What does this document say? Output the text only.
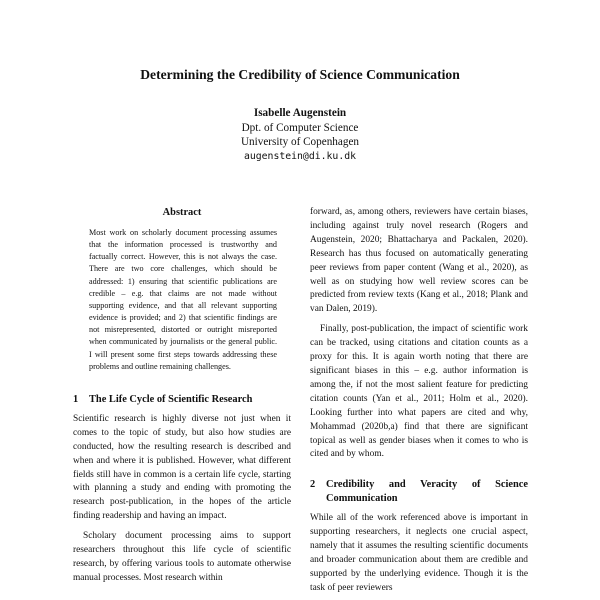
Determining the Credibility of Science Communication
Isabelle Augenstein
Dpt. of Computer Science
University of Copenhagen
augenstein@di.ku.dk
Abstract

Most work on scholarly document processing assumes that the information processed is trustworthy and factually correct. However, this is not always the case. There are two core challenges, which should be addressed: 1) ensuring that scientific publications are credible – e.g. that claims are not made without supporting evidence, and that all relevant supporting evidence is provided; and 2) that scientific findings are not misrepresented, distorted or outright misreported when communicated by journalists or the general public. I will present some first steps towards addressing these problems and outline remaining challenges.

1	The Life Cycle of Scientific Research

Scientific research is highly diverse not just when it comes to the topic of study, but also how studies are conducted, how the resulting research is described and when and where it is published. However, what different fields still have in common is a certain life cycle, starting with planning a study and ending with promoting the research post-publication, in the hopes of the article finding readership and having an impact.

Scholary document processing aims to support researchers throughout this life cycle of scientific research, by offering various tools to automate otherwise manual processes. Most research within

forward, as, among others, reviewers have certain biases, including against truly novel research (Rogers and Augenstein, 2020; Bhattacharya and Packalen, 2020). Research has thus focused on automatically generating peer reviews from paper content (Wang et al., 2020), as well as on studying how well review scores can be predicted from review texts (Kang et al., 2018; Plank and van Dalen, 2019).

Finally, post-publication, the impact of scientific work can be tracked, using citations and citation counts as a proxy for this. It is again worth noting that there are significant biases in this – e.g. author information is among the, if not the most salient feature for predicting citation counts (Yan et al., 2011; Holm et al., 2020). Looking further into what papers are cited and why, Mohammad (2020b,a) find that there are significant topical as well as gender biases when it comes to who is cited and by whom.

2	Credibility and Veracity of Science Communication

While all of the work referenced above is important in supporting researchers, it neglects one crucial aspect, namely that it assumes the resulting scientific documents and broader communication about them are credible and supported by the underlying evidence. Though it is the task of peer reviewers
